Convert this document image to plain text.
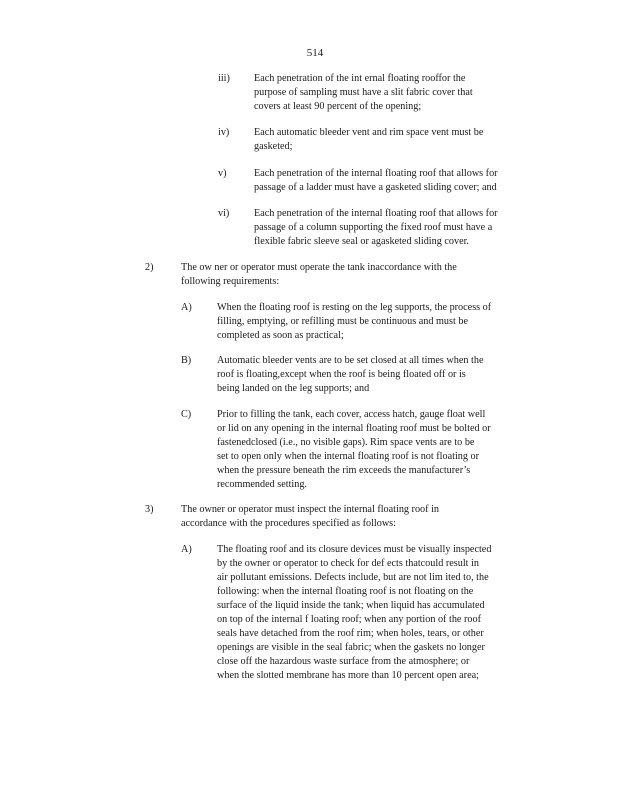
514
iii) Each penetration of the int ernal floating rooffor the
purpose of sampling must have a slit fabric cover that
covers at least 90 percent of the opening;
iv) Each automatic bleeder vent and rim space vent must be
gasketed;
v)	Each penetration of the internal floating roof that allows for
passage of a ladder must have a gasketed sliding cover; and
vi) Each penetration of the internal floating roof that allows for
passage of a column supporting the fixed roof must have a
flexible fabric sleeve seal or agasketed sliding cover.
2)	The ow ner or operator must operate the tank inaccordance with the
following requirements:
A) When the floating roof is resting on the leg supports, the process of
filling, emptying, or refilling must be continuous and must be
completed as soon as practical;
B)	Automatic bleeder vents are to be set closed at all times when the
roof is floating,except when the roof is being floated off or is
being landed on the leg supports; and
C)	Prior to filling the tank, each cover, access hatch, gauge float well
or lid on any opening in the internal floating roof must be bolted or
fastenedclosed (i.e., no visible gaps). Rim space vents are to be
set to open only when the internal floating roof is not floating or
when the pressure beneath the rim exceeds the manufacturer’s
recommended setting.
3)	The owner or operator must inspect the internal floating roof in
accordance with the procedures specified as follows:
A) The floating roof and its closure devices must be visually inspected
by the owner or operator to check for def ects thatcould result in
air pollutant emissions. Defects include, but are not lim ited to, the
following: when the internal floating roof is not floating on the
surface of the liquid inside the tank; when liquid has accumulated
on top of the internal f loating roof; when any portion of the roof
seals have detached from the roof rim; when holes, tears, or other
openings are visible in the seal fabric; when the gaskets no longer
close off the hazardous waste surface from the atmosphere; or
when the slotted membrane has more than 10 percent open area;
